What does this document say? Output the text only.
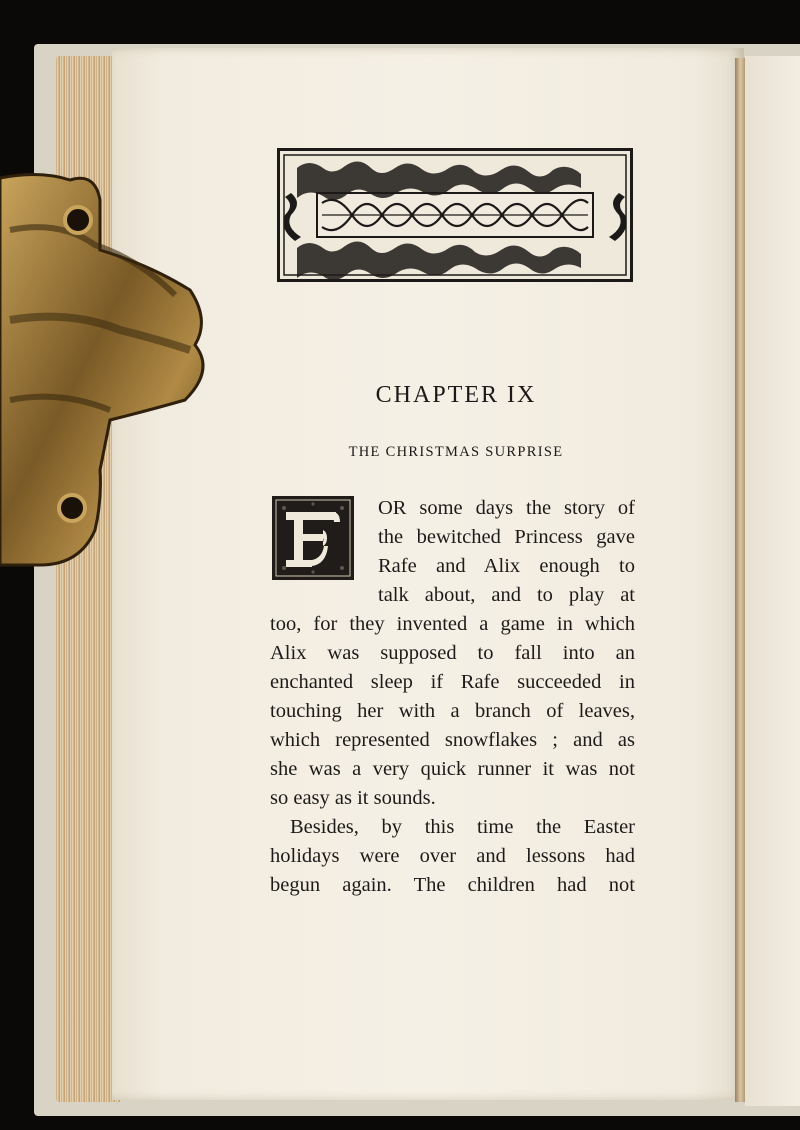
CHAPTER IX
THE CHRISTMAS SURPRISE
OR some days the story of
the bewitched Princess gave
Rafe and Alix enough to
talk about, and to play at
too, for they invented a game in which
Alix was supposed to fall into an
enchanted sleep if Rafe succeeded in
touching her with a branch of leaves,
which represented snowflakes ; and as
she was a very quick runner it was not
so easy as it sounds.
Besides, by this time the Easter
holidays were over and lessons had
begun again. The children had not
